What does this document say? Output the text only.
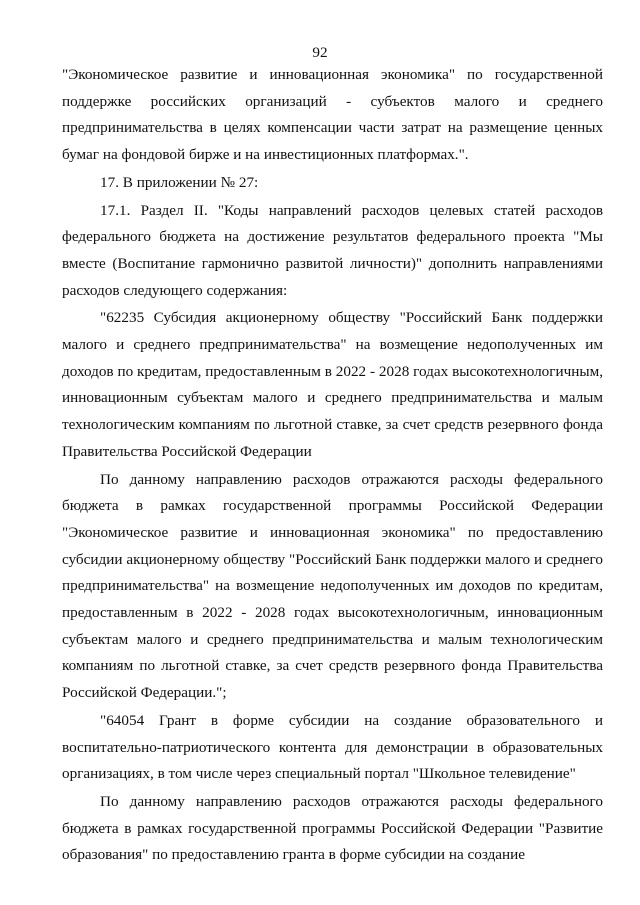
92

"Экономическое развитие и инновационная экономика" по государственной поддержке российских организаций - субъектов малого и среднего предпринимательства в целях компенсации части затрат на размещение ценных бумаг на фондовой бирже и на инвестиционных платформах.".

17. В приложении № 27:

17.1. Раздел II. "Коды направлений расходов целевых статей расходов федерального бюджета на достижение результатов федерального проекта "Мы вместе (Воспитание гармонично развитой личности)" дополнить направлениями расходов следующего содержания:

"62235 Субсидия акционерному обществу "Российский Банк поддержки малого и среднего предпринимательства" на возмещение недополученных им доходов по кредитам, предоставленным в 2022 - 2028 годах высокотехнологичным, инновационным субъектам малого и среднего предпринимательства и малым технологическим компаниям по льготной ставке, за счет средств резервного фонда Правительства Российской Федерации

По данному направлению расходов отражаются расходы федерального бюджета в рамках государственной программы Российской Федерации "Экономическое развитие и инновационная экономика" по предоставлению субсидии акционерному обществу "Российский Банк поддержки малого и среднего предпринимательства" на возмещение недополученных им доходов по кредитам, предоставленным в 2022 - 2028 годах высокотехнологичным, инновационным субъектам малого и среднего предпринимательства и малым технологическим компаниям по льготной ставке, за счет средств резервного фонда Правительства Российской Федерации.";

"64054 Грант в форме субсидии на создание образовательного и воспитательно-патриотического контента для демонстрации в образовательных организациях, в том числе через специальный портал "Школьное телевидение"

По данному направлению расходов отражаются расходы федерального бюджета в рамках государственной программы Российской Федерации "Развитие образования" по предоставлению гранта в форме субсидии на создание
